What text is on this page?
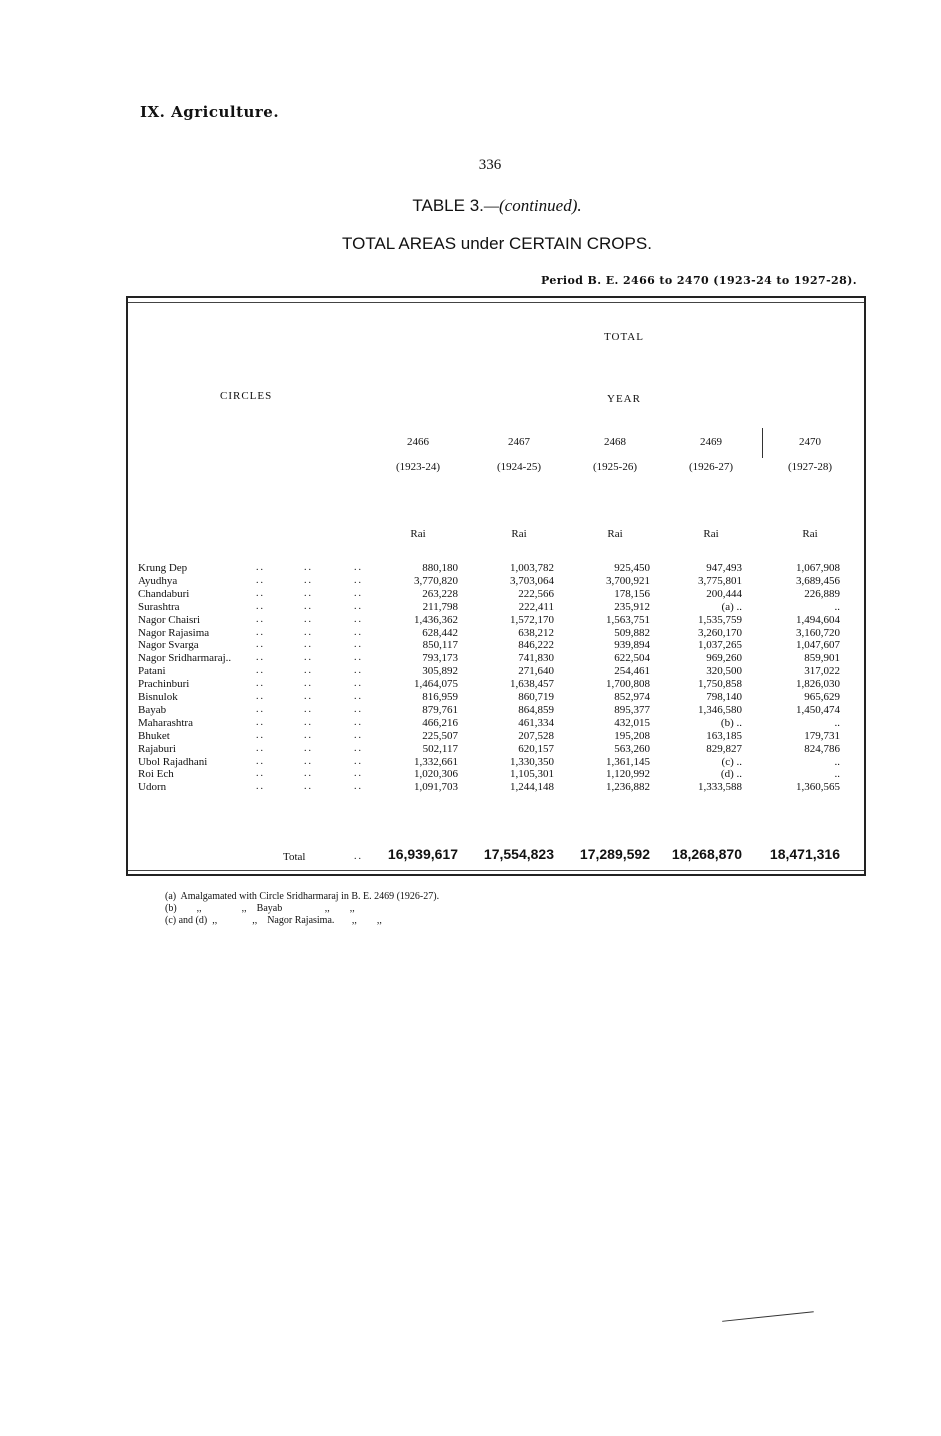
IX. Agriculture.
336
TABLE 3.—(continued).
TOTAL AREAS under CERTAIN CROPS.
Period B. E. 2466 to 2470 (1923-24 to 1927-28).
CIRCLES
TOTAL
YEAR
2466
(1923-24)
Rai
2467
(1924-25)
Rai
2468
(1925-26)
Rai
2469
(1926-27)
Rai
2470
(1927-28)
Rai
Krung Dep	..	..	..	880,180	1,003,782	925,450	947,493	1,067,908
Ayudhya	..	..	..	3,770,820	3,703,064	3,700,921	3,775,801	3,689,456
Chandaburi	..	..	..	263,228	222,566	178,156	200,444	226,889
Surashtra	..	..	..	211,798	222,411	235,912	(a) ..	..
Nagor Chaisri	..	..	..	1,436,362	1,572,170	1,563,751	1,535,759	1,494,604
Nagor Rajasima	..	..	..	628,442	638,212	509,882	3,260,170	3,160,720
Nagor Svarga	..	..	..	850,117	846,222	939,894	1,037,265	1,047,607
Nagor Sridharmaraj.. ..	..	..	793,173	741,830	622,504	969,260	859,901
Patani	..	..	..	305,892	271,640	254,461	320,500	317,022
Prachinburi	..	..	..	1,464,075	1,638,457	1,700,808	1,750,858	1,826,030
Bisnulok	..	..	..	816,959	860,719	852,974	798,140	965,629
Bayab	..	..	..	879,761	864,859	895,377	1,346,580	1,450,474
Maharashtra	..	..	..	466,216	461,334	432,015	(b) ..	..
Bhuket	..	..	..	225,507	207,528	195,208	163,185	179,731
Rajaburi	..	..	..	502,117	620,157	563,260	829,827	824,786
Ubol Rajadhani	..	..	..	1,332,661	1,330,350	1,361,145	(c) ..	..
Roi Ech	..	..	..	1,020,306	1,105,301	1,120,992	(d) ..	..
Udorn	..	..	..	1,091,703	1,244,148	1,236,882	1,333,588	1,360,565
Total	..	16,939,617	17,554,823	17,289,592	18,268,870	18,471,316
(a)  Amalgamated with Circle Sridharmaraj in B. E. 2469 (1926-27).
(b)        ,,                ,,    Bayab                 ,,        ,,
(c) and (d)  ,,              ,,    Nagor Rajasima.       ,,        ,,
